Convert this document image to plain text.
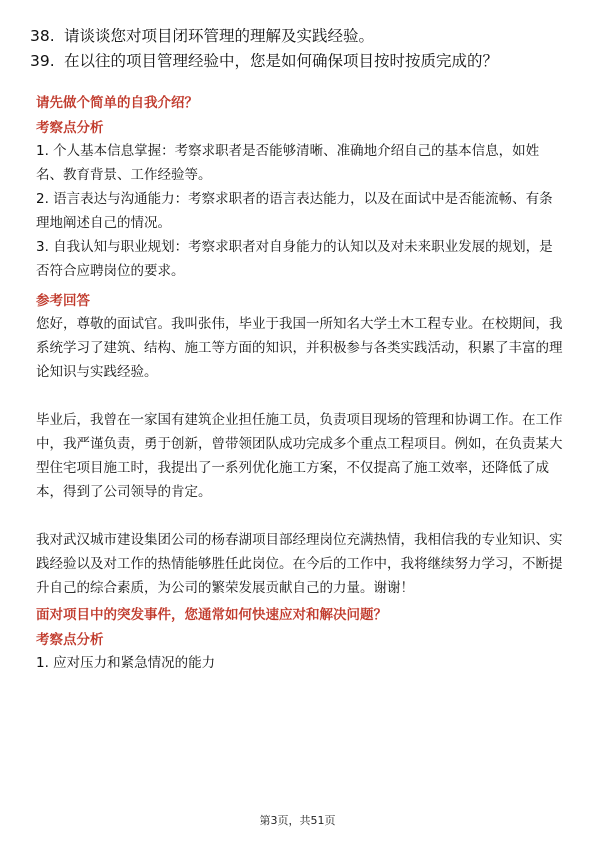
38. 请谈谈您对项目闭环管理的理解及实践经验。
39. 在以往的项目管理经验中，您是如何确保项目按时按质完成的？
请先做个简单的自我介绍？
考察点分析

1. 个人基本信息掌握：考察求职者是否能够清晰、准确地介绍自己的基本信息，如姓名、教育背景、工作经验等。

2. 语言表达与沟通能力：考察求职者的语言表达能力，以及在面试中是否能流畅、有条理地阐述自己的情况。

3. 自我认知与职业规划：考察求职者对自身能力的认知以及对未来职业发展的规划，是否符合应聘岗位的要求。

参考回答

您好，尊敬的面试官。我叫张伟，毕业于我国一所知名大学土木工程专业。在校期间，我系统学习了建筑、结构、施工等方面的知识，并积极参与各类实践活动，积累了丰富的理论知识与实践经验。

毕业后，我曾在一家国有建筑企业担任施工员，负责项目现场的管理和协调工作。在工作中，我严谨负责，勇于创新，曾带领团队成功完成多个重点工程项目。例如，在负责某大型住宅项目施工时，我提出了一系列优化施工方案，不仅提高了施工效率，还降低了成本，得到了公司领导的肯定。

我对武汉城市建设集团公司的杨春湖项目部经理岗位充满热情，我相信我的专业知识、实践经验以及对工作的热情能够胜任此岗位。在今后的工作中，我将继续努力学习，不断提升自己的综合素质，为公司的繁荣发展贡献自己的力量。谢谢！

面对项目中的突发事件，您通常如何快速应对和解决问题？
考察点分析

1. 应对压力和紧急情况的能力

第3页，共51页
